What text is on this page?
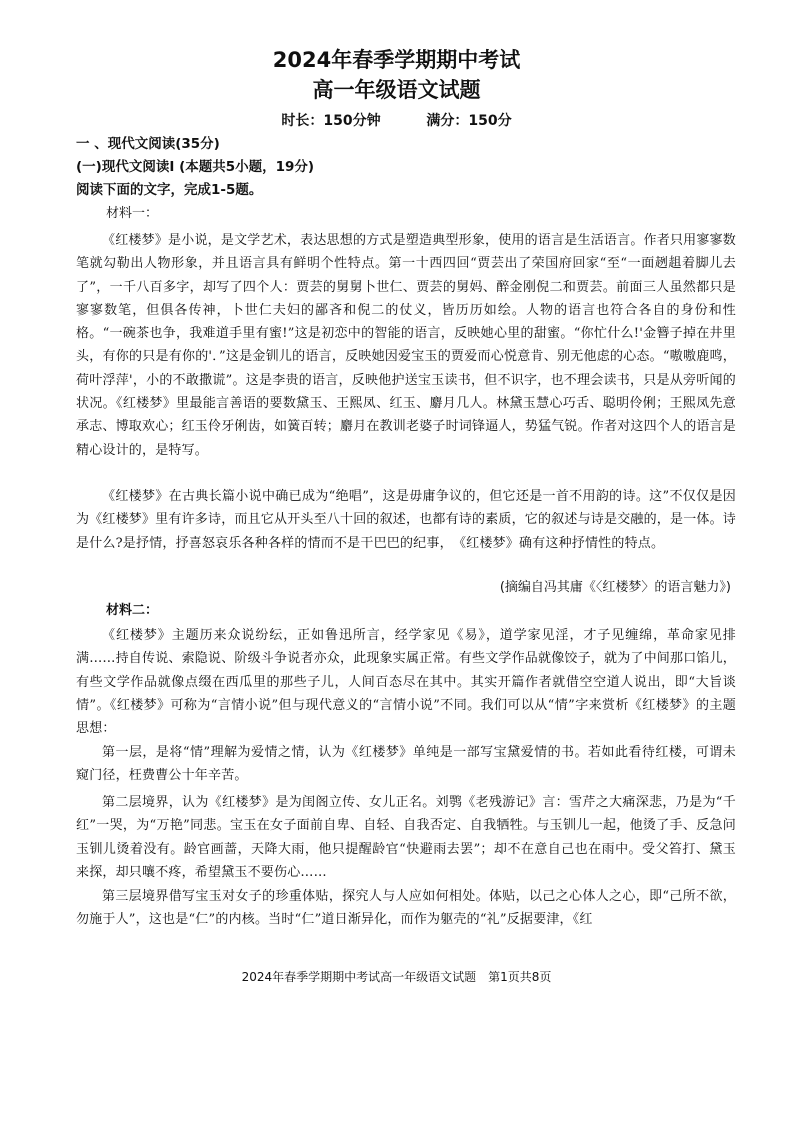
2024年春季学期期中考试
高一年级语文试题
时长：150分钟	满分：150分
一 、现代文阅读(35分)
(一)现代文阅读I (本题共5小题，19分)
阅读下面的文字，完成1-5题。
材料一：
《红楼梦》是小说，是文学艺术，表达思想的方式是塑造典型形象，使用的语言是生活语言。作者只用寥寥数笔就勾勒出人物形象，并且语言具有鲜明个性特点。第一十西四回“贾芸出了荣国府回家“至“一面趔趄着脚儿去了”，一千八百多字，却写了四个人：贾芸的舅舅卜世仁、贾芸的舅妈、醉金刚倪二和贾芸。前面三人虽然都只是寥寥数笔，但俱各传神，卜世仁夫妇的鄙吝和倪二的仗义，皆历历如绘。人物的语言也符合各自的身份和性格。“一碗茶也争，我难道手里有蜜!”这是初恋中的智能的语言，反映她心里的甜蜜。“你忙什么!'金簪子掉在井里头，有你的只是有你的'．”这是金钏儿的语言，反映她因爱宝玉的贾爱而心悦意肯、别无他虑的心态。“嗷嗷鹿鸣，荷叶浮萍'，小的不敢撒谎”。这是李贵的语言，反映他护送宝玉读书，但不识字，也不理会读书，只是从旁听闻的状况。《红楼梦》里最能言善语的要数黛玉、王熙凤、红玉、麝月几人。林黛玉慧心巧舌、聪明伶俐；王熙凤先意承志、博取欢心；红玉伶牙俐齿，如簧百转；麝月在教训老婆子时词锋逼人，势猛气锐。作者对这四个人的语言是精心设计的，是特写。
《红楼梦》在古典长篇小说中确已成为“绝唱”，这是毋庸争议的，但它还是一首不用韵的诗。这”不仅仅是因为《红楼梦》里有许多诗，而且它从开头至八十回的叙述，也都有诗的素质，它的叙述与诗是交融的，是一体。诗是什么?是抒情，抒喜怒哀乐各种各样的情而不是干巴巴的纪事，　《红楼梦》确有这种抒情性的特点。
(摘编自冯其庸《〈红楼梦〉的语言魅力》)
材料二：
《红楼梦》主题历来众说纷纭，正如鲁迅所言，经学家见《易》，道学家见淫，才子见缠绵，革命家见排满……持自传说、索隐说、阶级斗争说者亦众，此现象实属正常。有些文学作品就像饺子，就为了中间那口馅儿，有些文学作品就像点缀在西瓜里的那些子儿，人间百态尽在其中。其实开篇作者就借空空道人说出，即“大旨谈情”。《红楼梦》可称为“言情小说”但与现代意义的“言情小说”不同。我们可以从“情”字来赏析《红楼梦》的主题思想：
第一层，是将“情”理解为爱情之情，认为《红楼梦》单纯是一部写宝黛爱情的书。若如此看待红楼，可谓未窥门径，枉费曹公十年辛苦。
第二层境界，认为《红楼梦》是为闺阁立传、女儿正名。刘鹗《老残游记》言：雪芹之大痛深悲，乃是为“千红”一哭，为“万艳”同悲。宝玉在女子面前自卑、自轻、自我否定、自我牺牲。与玉钏儿一起，他烫了手、反急问玉钏儿烫着没有。龄官画蔷，天降大雨，他只提醒龄官“快避雨去罢”；却不在意自己也在雨中。受父笞打、黛玉来探，却只嚷不疼，希望黛玉不要伤心……
第三层境界借写宝玉对女子的珍重体贴，探究人与人应如何相处。体贴，以己之心体人之心，即“己所不欲，勿施于人”，这也是“仁”的内核。当时“仁”道日渐异化，而作为躯壳的“礼”反据要津，《红
2024年春季学期期中考试高一年级语文试题　第1页共8页
